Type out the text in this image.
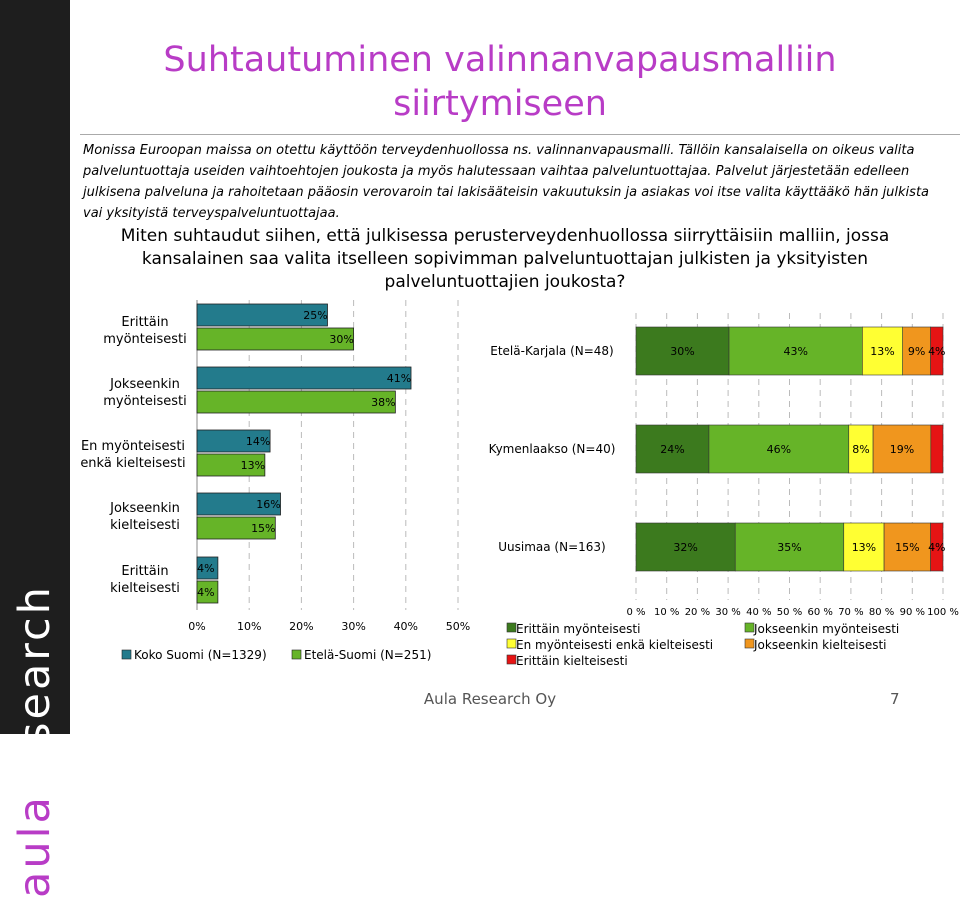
aularesearch
Suhtautuminen valinnanvapausmalliin siirtymiseen
Monissa Euroopan maissa on otettu käyttöön terveydenhuollossa ns. valinnanvapausmalli. Tällöin kansalaisella on oikeus valita palveluntuottaja useiden vaihtoehtojen joukosta ja myös halutessaan vaihtaa palveluntuottajaa. Palvelut järjestetään edelleen julkisena palveluna ja rahoitetaan pääosin verovaroin tai lakisääteisin vakuutuksin ja asiakas voi itse valita käyttääkö hän julkista vai yksityistä terveyspalveluntuottajaa.
Miten suhtaudut siihen, että julkisessa perusterveydenhuollossa siirryttäisiin malliin, jossa kansalainen saa valita itselleen sopivimman palveluntuottajan julkisten ja yksityisten palveluntuottajien joukosta?
Erittäin myönteisesti
Jokseenkin myönteisesti
En myönteisesti enkä kielteisesti
Jokseenkin kielteisesti
Erittäin kielteisesti
0%	10%	20%	30%	40%	50%
25%
41%
14%
16%
4%
30%
38%
13%
15%
4%
Koko Suomi (N=1329)	Etelä-Suomi (N=251)
0 % 10 % 20 % 30 % 40 % 50 % 60 % 70 % 80 % 90 % 100 %
Etelä-Karjala (N=48)
Kymenlaakso (N=40)
Uusimaa (N=163)
30%	43%	13% 9% 4%
24%	46%	8% 19%
32%	35%	13% 15% 4%
Erittäin myönteisesti	Jokseenkin myönteisesti
En myönteisesti enkä kielteisesti	Jokseenkin kielteisesti
Erittäin kielteisesti
Aula Research Oy	7
